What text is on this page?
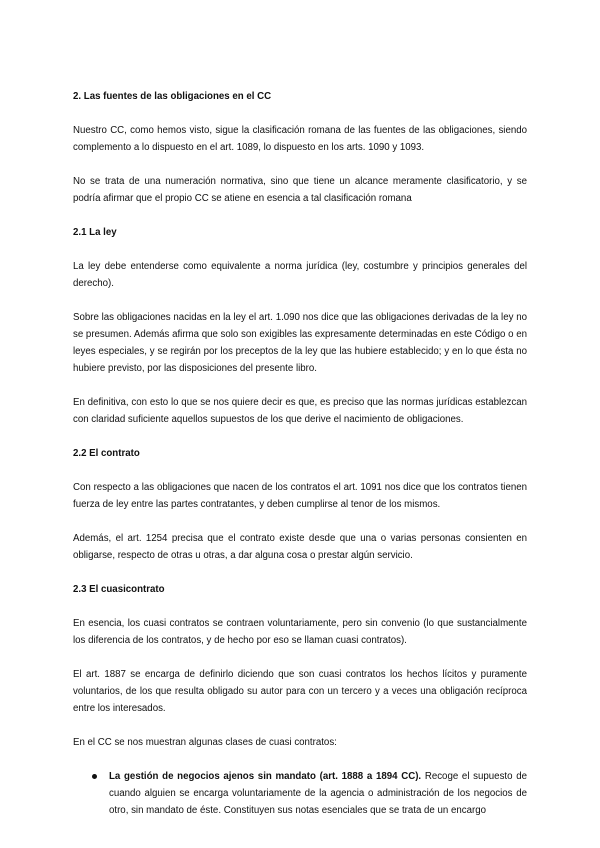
2. Las fuentes de las obligaciones en el CC

Nuestro CC, como hemos visto, sigue la clasificación romana de las fuentes de las obligaciones, siendo complemento a lo dispuesto en el art. 1089, lo dispuesto en los arts. 1090 y 1093.

No se trata de una numeración normativa, sino que tiene un alcance meramente clasificatorio, y se podría afirmar que el propio CC se atiene en esencia a tal clasificación romana

2.1 La ley

La ley debe entenderse como equivalente a norma jurídica (ley, costumbre y principios generales del derecho).

Sobre las obligaciones nacidas en la ley el art. 1.090 nos dice que las obligaciones derivadas de la ley no se presumen. Además afirma que solo son exigibles las expresamente determinadas en este Código o en leyes especiales, y se regirán por los preceptos de la ley que las hubiere establecido; y en lo que ésta no hubiere previsto, por las disposiciones del presente libro.

En definitiva, con esto lo que se nos quiere decir es que, es preciso que las normas jurídicas establezcan con claridad suficiente aquellos supuestos de los que derive el nacimiento de obligaciones.

2.2 El contrato

Con respecto a las obligaciones que nacen de los contratos el art. 1091 nos dice que los contratos tienen fuerza de ley entre las partes contratantes, y deben cumplirse al tenor de los mismos.

Además, el art. 1254 precisa que el contrato existe desde que una o varias personas consienten en obligarse, respecto de otras u otras, a dar alguna cosa o prestar algún servicio.

2.3 El cuasicontrato

En esencia, los cuasi contratos se contraen voluntariamente, pero sin convenio (lo que sustancialmente los diferencia de los contratos, y de hecho por eso se llaman cuasi contratos).

El art. 1887 se encarga de definirlo diciendo que son cuasi contratos los hechos lícitos y puramente voluntarios, de los que resulta obligado su autor para con un tercero y a veces una obligación recíproca entre los interesados.

En el CC se nos muestran algunas clases de cuasi contratos:

La gestión de negocios ajenos sin mandato (art. 1888 a 1894 CC). Recoge el supuesto de cuando alguien se encarga voluntariamente de la agencia o administración de los negocios de otro, sin mandato de éste. Constituyen sus notas esenciales que se trata de un encargo
